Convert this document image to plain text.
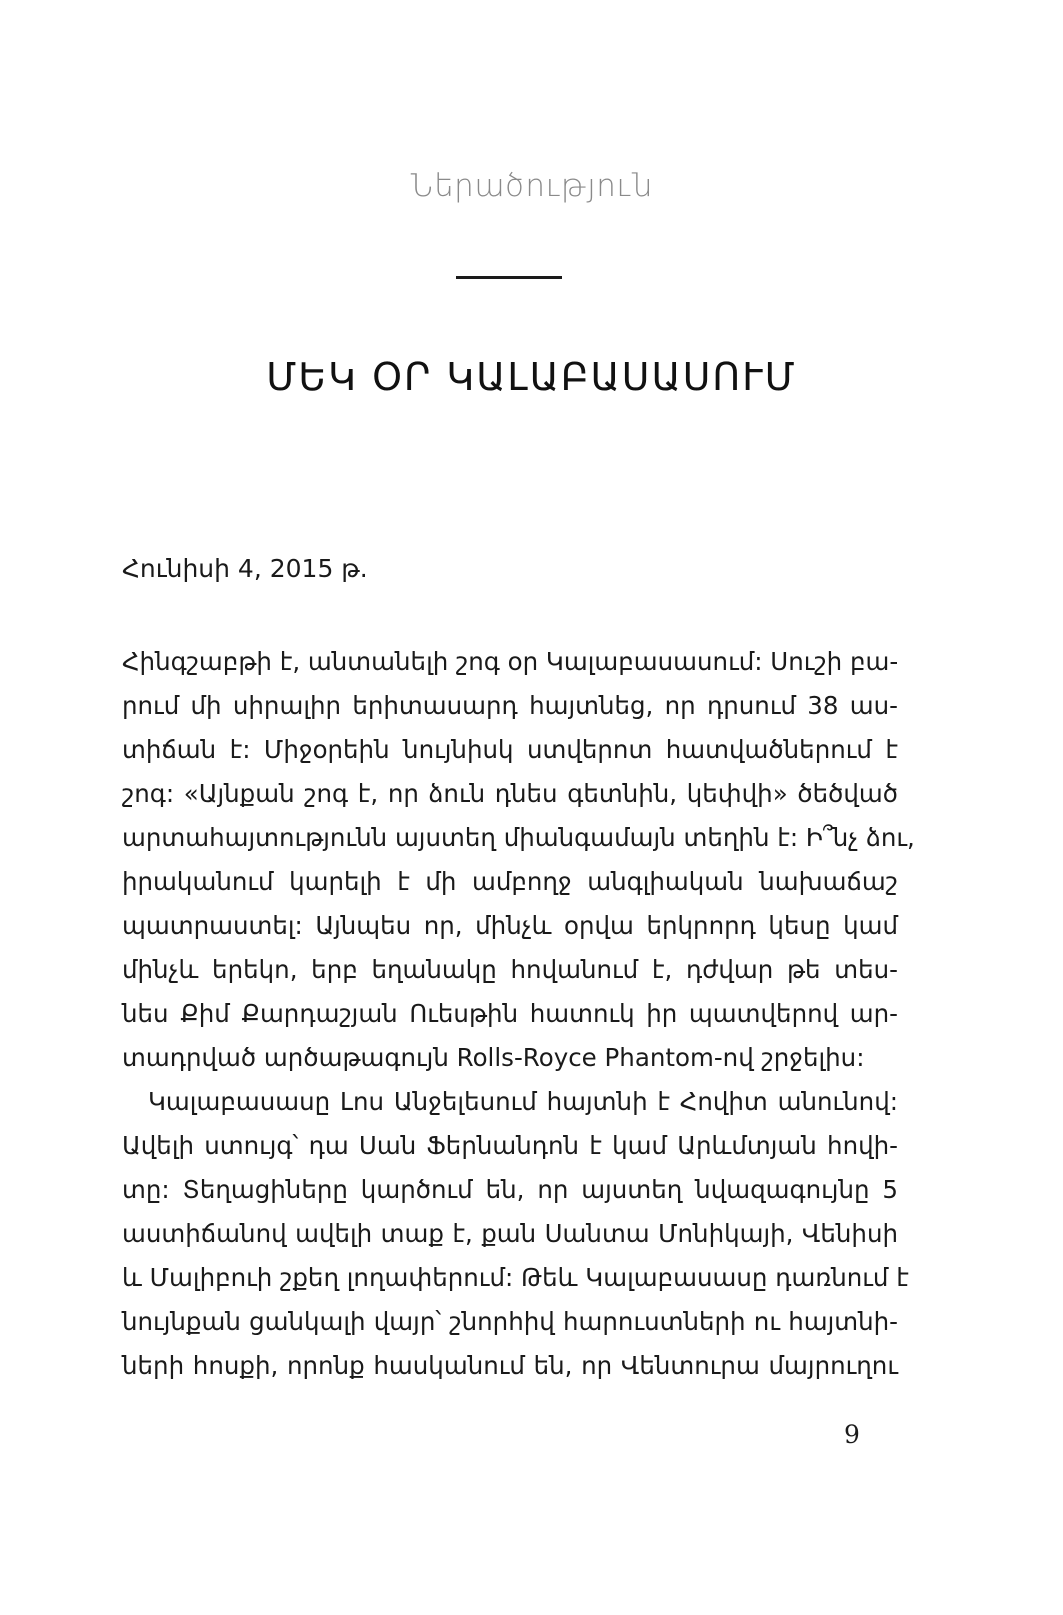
Ներածություն
ՄԵԿ ՕՐ ԿԱԼԱԲԱՍԱՍՈՒՄ
Հունիսի 4, 2015 թ.
Հինգշաբթի է, անտանելի շոգ օր Կալաբասասում: Սուշի բա-
րում մի սիրալիր երիտասարդ հայտնեց, որ դրսում 38 աս-
տիճան է: Միջօրեին նույնիսկ ստվերոտ հատվածներում է
շոգ: «Այնքան շոգ է, որ ձուն դնես գետնին, կեփվի» ծեծված
արտահայտությունն այստեղ միանգամայն տեղին է: Ի՞նչ ձու,
իրականում կարելի է մի ամբողջ անգլիական նախաճաշ
պատրաստել: Այնպես որ, մինչև օրվա երկրորդ կեսը կամ
մինչև երեկո, երբ եղանակը հովանում է, դժվար թե տես-
նես Քիմ Քարդաշյան Ուեսթին հատուկ իր պատվերով ար-
տադրված արծաթագույն Rolls-Royce Phantom-ով շրջելիս:
Կալաբասասը Լոս Անջելեսում հայտնի է Հովիտ անունով:
Ավելի ստույգ՝ դա Սան Ֆերնանդոն է կամ Արևմտյան հովի-
տը: Տեղացիները կարծում են, որ այստեղ նվազագույնը 5
աստիճանով ավելի տաք է, քան Սանտա Մոնիկայի, Վենիսի
և Մալիբուի շքեղ լողափերում: Թեև Կալաբասասը դառնում է
նույնքան ցանկալի վայր՝ շնորհիվ հարուստների ու հայտնի-
ների հոսքի, որոնք հասկանում են, որ Վենտուրա մայրուղու
9
